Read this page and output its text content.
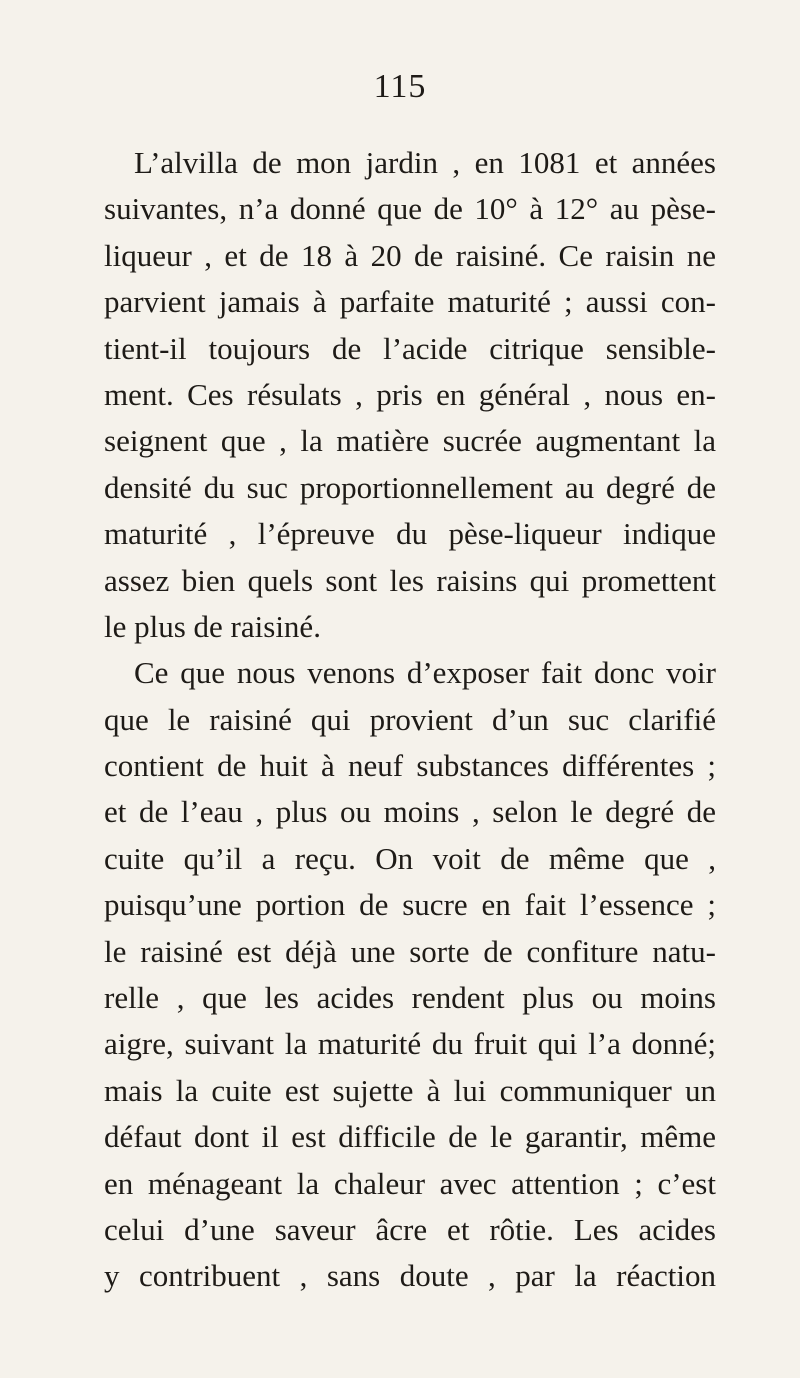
115
L’alvilla de mon jardin , en 1081 et années
suivantes, n’a donné que de 10° à 12° au pèse-
liqueur , et de 18 à 20 de raisiné. Ce raisin ne
parvient jamais à parfaite maturité ; aussi con-
tient-il toujours de l’acide citrique sensible-
ment. Ces résulats , pris en général , nous en-
seignent que , la matière sucrée augmentant la
densité du suc proportionnellement au degré de
maturité , l’épreuve du pèse-liqueur indique
assez bien quels sont les raisins qui promettent
le plus de raisiné.
Ce que nous venons d’exposer fait donc voir
que le raisiné qui provient d’un suc clarifié
contient de huit à neuf substances différentes ;
et de l’eau , plus ou moins , selon le degré de
cuite qu’il a reçu. On voit de même que ,
puisqu’une portion de sucre en fait l’essence ;
le raisiné est déjà une sorte de confiture natu-
relle , que les acides rendent plus ou moins
aigre, suivant la maturité du fruit qui l’a donné;
mais la cuite est sujette à lui communiquer un
défaut dont il est difficile de le garantir, même
en ménageant la chaleur avec attention ; c’est
celui d’une saveur âcre et rôtie. Les acides
y contribuent , sans doute , par la réaction
